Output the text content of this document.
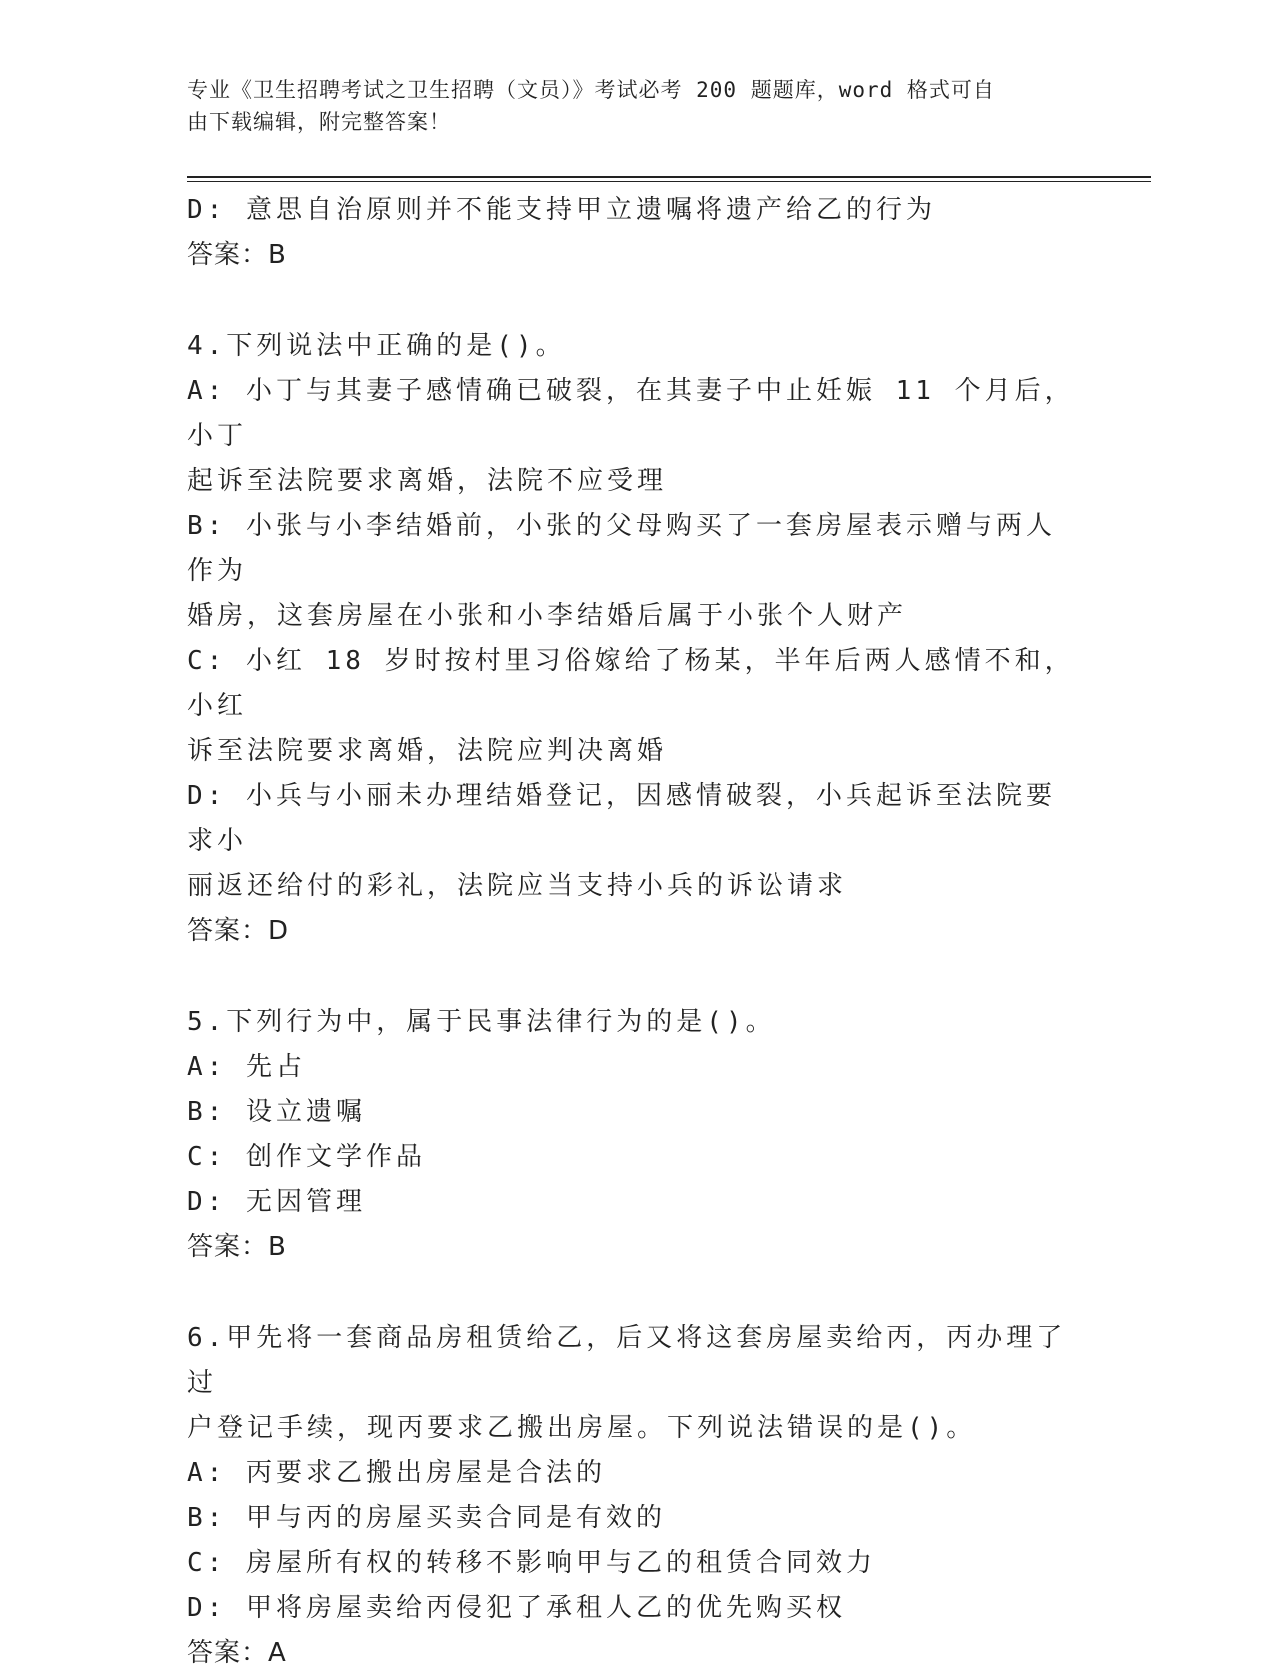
专业《卫生招聘考试之卫生招聘（文员）》考试必考 200 题题库，word 格式可自
由下载编辑，附完整答案！
D: 意思自治原则并不能支持甲立遗嘱将遗产给乙的行为
答案：B
4.下列说法中正确的是()。
A: 小丁与其妻子感情确已破裂，在其妻子中止妊娠 11 个月后，小丁
起诉至法院要求离婚，法院不应受理
B: 小张与小李结婚前，小张的父母购买了一套房屋表示赠与两人作为
婚房，这套房屋在小张和小李结婚后属于小张个人财产
C: 小红 18 岁时按村里习俗嫁给了杨某，半年后两人感情不和，小红
诉至法院要求离婚，法院应判决离婚
D: 小兵与小丽未办理结婚登记，因感情破裂，小兵起诉至法院要求小
丽返还给付的彩礼，法院应当支持小兵的诉讼请求
答案：D
5.下列行为中，属于民事法律行为的是()。
A: 先占
B: 设立遗嘱
C: 创作文学作品
D: 无因管理
答案：B
6.甲先将一套商品房租赁给乙，后又将这套房屋卖给丙，丙办理了过
户登记手续，现丙要求乙搬出房屋。下列说法错误的是()。
A: 丙要求乙搬出房屋是合法的
B: 甲与丙的房屋买卖合同是有效的
C: 房屋所有权的转移不影响甲与乙的租赁合同效力
D: 甲将房屋卖给丙侵犯了承租人乙的优先购买权
答案：A
